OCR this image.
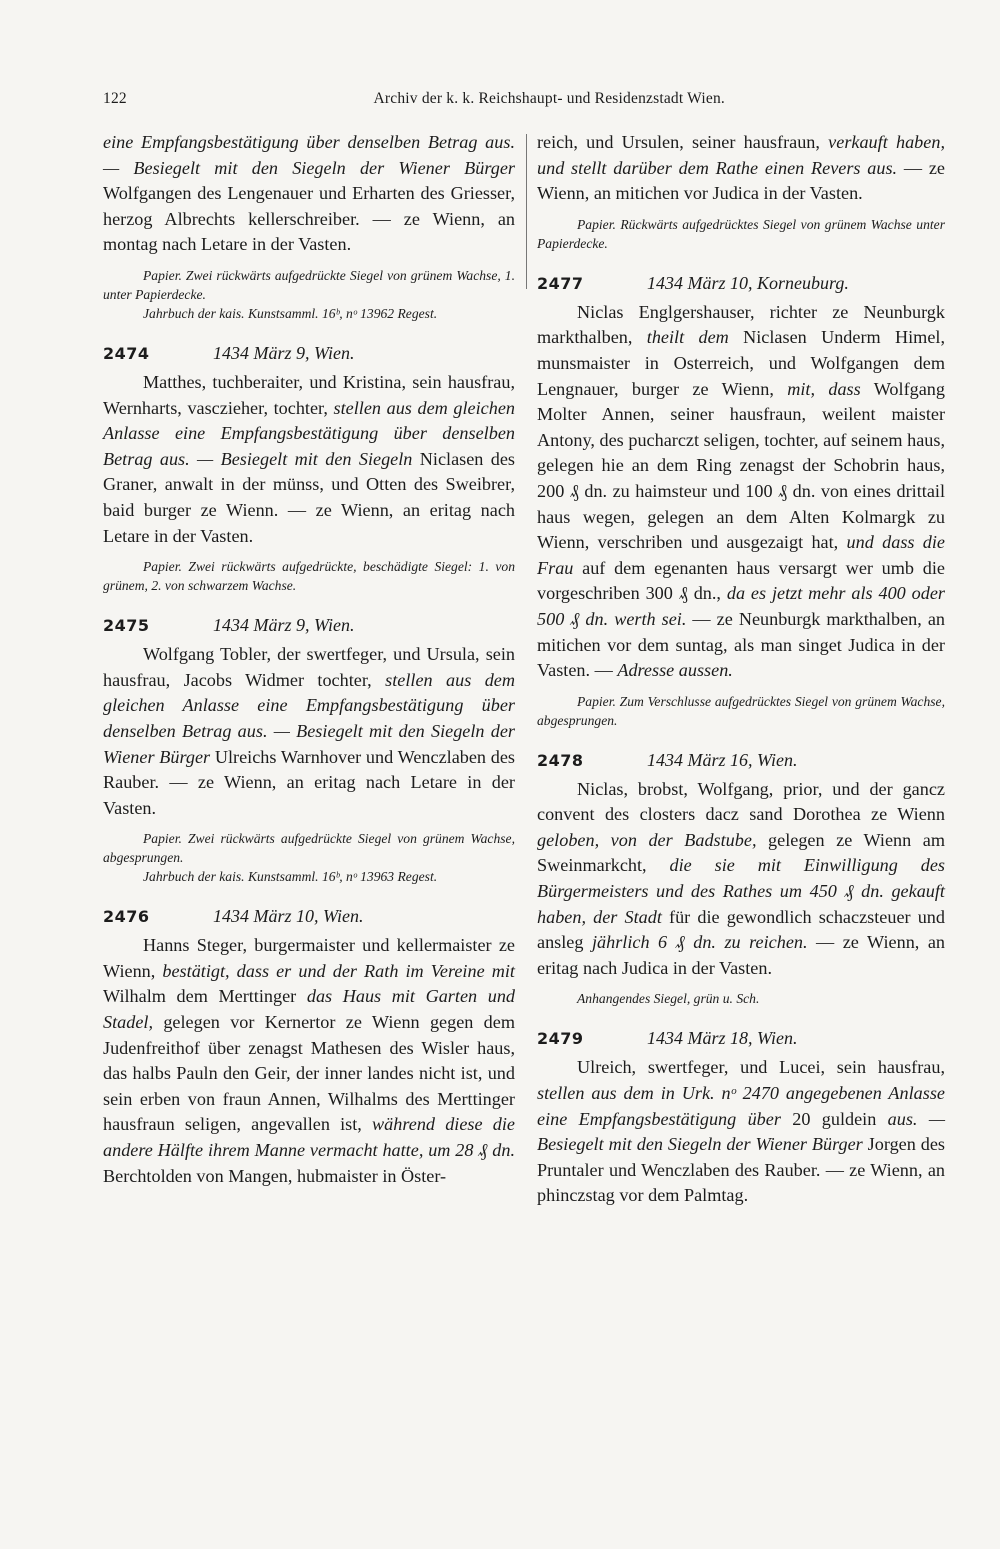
122	Archiv der k. k. Reichshaupt- und Residenzstadt Wien.

eine Empfangsbestätigung über denselben Betrag aus. — Besiegelt mit den Siegeln der Wiener Bürger Wolfgangen des Lengenauer und Erharten des Griesser, herzog Albrechts kellerschreiber. — ze Wienn, an montag nach Letare in der Vasten.

Papier. Zwei rückwärts aufgedrückte Siegel von grünem Wachse, 1. unter Papierdecke.
Jahrbuch der kais. Kunstsamml. 16ᵇ, nᵒ 13962 Regest.
2474	1434 März 9, Wien.

Matthes, tuchberaiter, und Kristina, sein hausfrau, Wernharts, vasczieher, tochter, stellen aus dem gleichen Anlasse eine Empfangsbestätigung über denselben Betrag aus. — Besiegelt mit den Siegeln Niclasen des Graner, anwalt in der münss, und Otten des Sweibrer, baid burger ze Wienn. — ze Wienn, an eritag nach Letare in der Vasten.

Papier. Zwei rückwärts aufgedrückte, beschädigte Siegel: 1. von grünem, 2. von schwarzem Wachse.
2475	1434 März 9, Wien.

Wolfgang Tobler, der swertfeger, und Ursula, sein hausfrau, Jacobs Widmer tochter, stellen aus dem gleichen Anlasse eine Empfangsbestätigung über denselben Betrag aus. — Besiegelt mit den Siegeln der Wiener Bürger Ulreichs Warnhover und Wenczlaben des Rauber. — ze Wienn, an eritag nach Letare in der Vasten.

Papier. Zwei rückwärts aufgedrückte Siegel von grünem Wachse, abgesprungen.
Jahrbuch der kais. Kunstsamml. 16ᵇ, nᵒ 13963 Regest.
2476	1434 März 10, Wien.

Hanns Steger, burgermaister und kellermaister ze Wienn, bestätigt, dass er und der Rath im Vereine mit Wilhalm dem Merttinger das Haus mit Garten und Stadel, gelegen vor Kernertor ze Wienn gegen dem Judenfreithof über zenagst Mathesen des Wisler haus, das halbs Pauln den Geir, der inner landes nicht ist, und sein erben von fraun Annen, Wilhalms des Merttinger hausfraun seligen, angevallen ist, während diese die andere Hälfte ihrem Manne vermacht hatte, um 28 ₰ dn. Berchtolden von Mangen, hubmaister in Öster-

reich, und Ursulen, seiner hausfraun, verkauft haben, und stellt darüber dem Rathe einen Revers aus. — ze Wienn, an mitichen vor Judica in der Vasten.

Papier. Rückwärts aufgedrücktes Siegel von grünem Wachse unter Papierdecke.
2477	1434 März 10, Korneuburg.

Niclas Englgershauser, richter ze Neunburgk markthalben, theilt dem Niclasen Underm Himel, munsmaister in Osterreich, und Wolfgangen dem Lengnauer, burger ze Wienn, mit, dass Wolfgang Molter Annen, seiner hausfraun, weilent maister Antony, des pucharczt seligen, tochter, auf seinem haus, gelegen hie an dem Ring zenagst der Schobrin haus, 200 ₰ dn. zu haimsteur und 100 ₰ dn. von eines drittail haus wegen, gelegen an dem Alten Kolmargk zu Wienn, verschriben und ausgezaigt hat, und dass die Frau auf dem egenanten haus versargt wer umb die vorgeschriben 300 ₰ dn., da es jetzt mehr als 400 oder 500 ₰ dn. werth sei. — ze Neunburgk markthalben, an mitichen vor dem suntag, als man singet Judica in der Vasten. — Adresse aussen.

Papier. Zum Verschlusse aufgedrücktes Siegel von grünem Wachse, abgesprungen.
2478	1434 März 16, Wien.

Niclas, brobst, Wolfgang, prior, und der gancz convent des closters dacz sand Dorothea ze Wienn geloben, von der Badstube, gelegen ze Wienn am Sweinmarkcht, die sie mit Einwilligung des Bürgermeisters und des Rathes um 450 ₰ dn. gekauft haben, der Stadt für die gewondlich schaczsteuer und ansleg jährlich 6 ₰ dn. zu reichen. — ze Wienn, an eritag nach Judica in der Vasten.

Anhangendes Siegel, grün u. Sch.
2479	1434 März 18, Wien.

Ulreich, swertfeger, und Lucei, sein hausfrau, stellen aus dem in Urk. nᵒ 2470 angegebenen Anlasse eine Empfangsbestätigung über 20 guldein aus. — Besiegelt mit den Siegeln der Wiener Bürger Jorgen des Pruntaler und Wenczlaben des Rauber. — ze Wienn, an phinczstag vor dem Palmtag.
